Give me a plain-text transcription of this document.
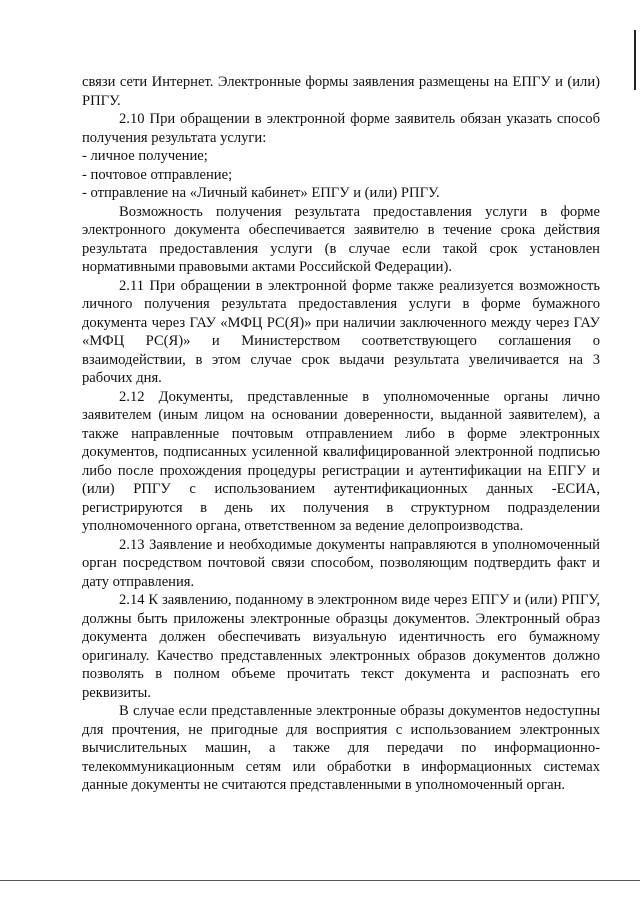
связи сети Интернет. Электронные формы заявления размещены на ЕПГУ и (или) РПГУ.

2.10 При обращении в электронной форме заявитель обязан указать способ получения результата услуги:

- личное получение;

- почтовое отправление;

- отправление на «Личный кабинет» ЕПГУ и (или) РПГУ.

Возможность получения результата предоставления услуги в форме электронного документа обеспечивается заявителю в течение срока действия результата предоставления услуги (в случае если такой срок установлен нормативными правовыми актами Российской Федерации).

2.11 При обращении в электронной форме также реализуется возможность личного получения результата предоставления услуги в форме бумажного документа через ГАУ «МФЦ РС(Я)» при наличии заключенного между через ГАУ «МФЦ РС(Я)» и Министерством соответствующего соглашения о взаимодействии, в этом случае срок выдачи результата увеличивается на 3 рабочих дня.

2.12 Документы, представленные в уполномоченные органы лично заявителем (иным лицом на основании доверенности, выданной заявителем), а также направленные почтовым отправлением либо в форме электронных документов, подписанных усиленной квалифицированной электронной подписью либо после прохождения процедуры регистрации и аутентификации на ЕПГУ и (или) РПГУ с использованием аутентификационных данных -ЕСИА, регистрируются в день их получения в структурном подразделении уполномоченного органа, ответственном за ведение делопроизводства.

2.13 Заявление и необходимые документы направляются в уполномоченный орган посредством почтовой связи способом, позволяющим подтвердить факт и дату отправления.

2.14 К заявлению, поданному в электронном виде через ЕПГУ и (или) РПГУ, должны быть приложены электронные образцы документов. Электронный образ документа должен обеспечивать визуальную идентичность его бумажному оригиналу. Качество представленных электронных образов документов должно позволять в полном объеме прочитать текст документа и распознать его реквизиты.

В случае если представленные электронные образы документов недоступны для прочтения, не пригодные для восприятия с использованием электронных вычислительных машин, а также для передачи по информационно-телекоммуникационным сетям или обработки в информационных системах данные документы не считаются представленными в уполномоченный орган.
